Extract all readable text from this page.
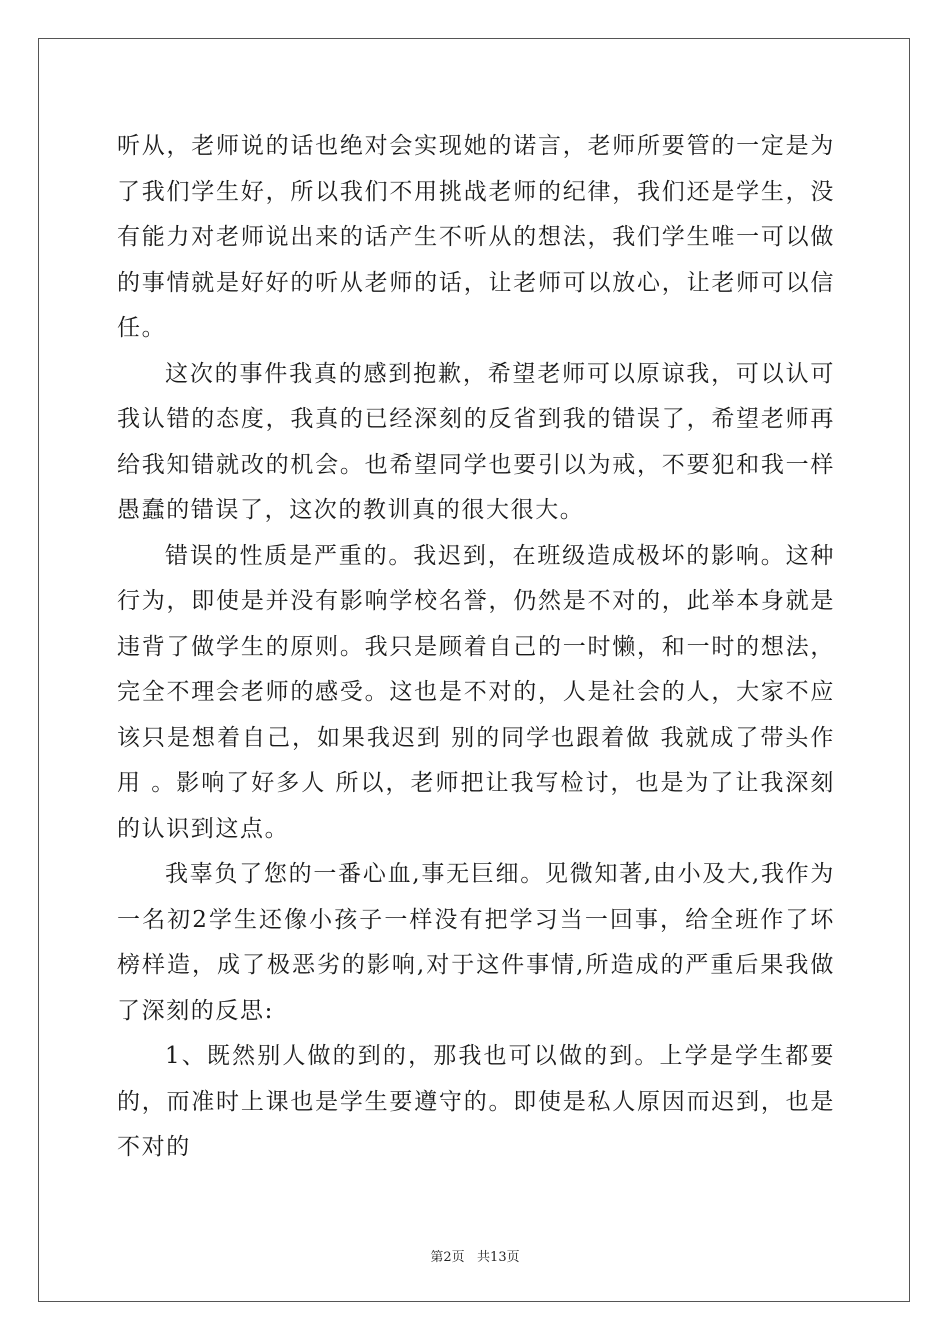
听从，老师说的话也绝对会实现她的诺言，老师所要管的一定是为了我们学生好，所以我们不用挑战老师的纪律，我们还是学生，没有能力对老师说出来的话产生不听从的想法，我们学生唯一可以做的事情就是好好的听从老师的话，让老师可以放心，让老师可以信任。

这次的事件我真的感到抱歉，希望老师可以原谅我，可以认可我认错的态度，我真的已经深刻的反省到我的错误了，希望老师再给我知错就改的机会。也希望同学也要引以为戒，不要犯和我一样愚蠢的错误了，这次的教训真的很大很大。

错误的性质是严重的。我迟到，在班级造成极坏的影响。这种行为，即使是并没有影响学校名誉，仍然是不对的，此举本身就是违背了做学生的原则。我只是顾着自己的一时懒，和一时的想法，完全不理会老师的感受。这也是不对的，人是社会的人，大家不应该只是想着自己，如果我迟到 别的同学也跟着做 我就成了带头作用 。影响了好多人 所以，老师把让我写检讨，也是为了让我深刻的认识到这点。

我辜负了您的一番心血,事无巨细。见微知著,由小及大,我作为一名初2学生还像小孩子一样没有把学习当一回事，给全班作了坏榜样造，成了极恶劣的影响,对于这件事情,所造成的严重后果我做了深刻的反思:

1、既然别人做的到的，那我也可以做的到。上学是学生都要的，而准时上课也是学生要遵守的。即使是私人原因而迟到，也是不对的

第2页   共13页
